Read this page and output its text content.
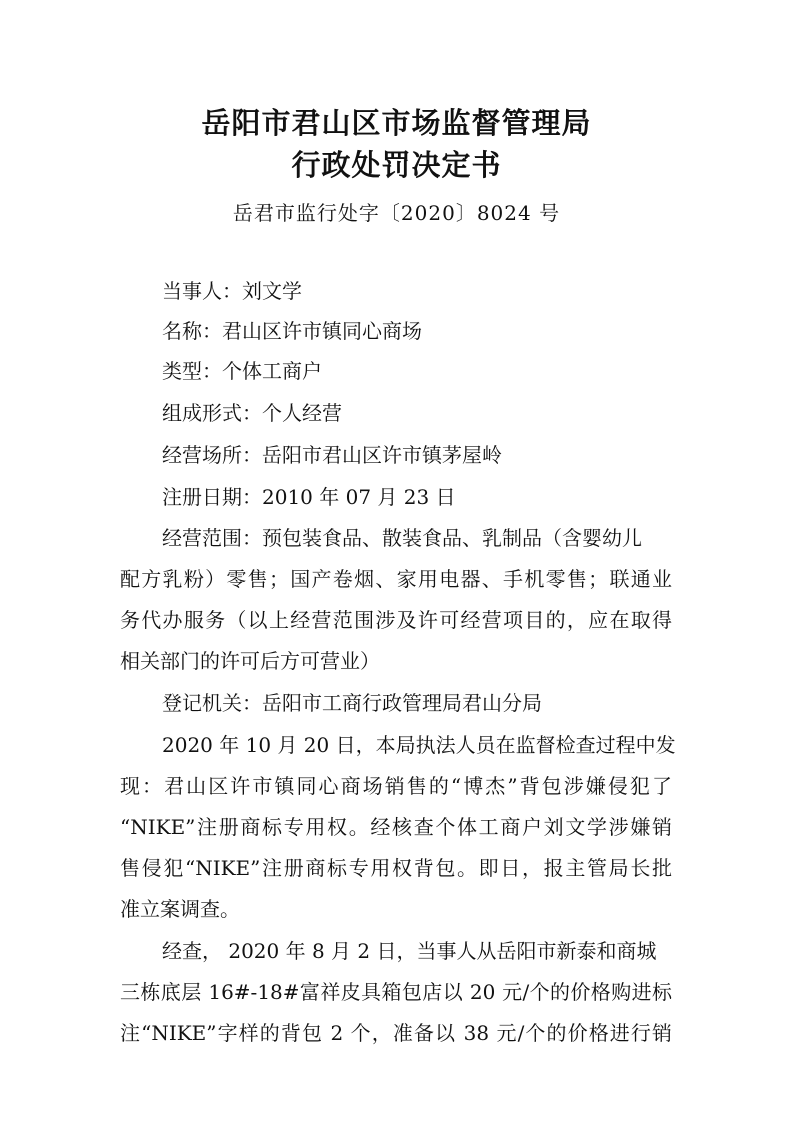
岳阳市君山区市场监督管理局
行政处罚决定书
岳君市监行处字〔2020〕8024 号
当事人：刘文学
名称：君山区许市镇同心商场
类型：个体工商户
组成形式：个人经营
经营场所：岳阳市君山区许市镇茅屋岭
注册日期：2010 年 07 月 23 日
经营范围：预包装食品、散装食品、乳制品（含婴幼儿
配方乳粉）零售；国产卷烟、家用电器、手机零售；联通业
务代办服务（以上经营范围涉及许可经营项目的，应在取得
相关部门的许可后方可营业）
登记机关：岳阳市工商行政管理局君山分局
2020 年 10 月 20 日，本局执法人员在监督检查过程中发
现：君山区许市镇同心商场销售的“博杰”背包涉嫌侵犯了
“NIKE”注册商标专用权。经核查个体工商户刘文学涉嫌销
售侵犯“NIKE”注册商标专用权背包。即日，报主管局长批
准立案调查。
经查， 2020 年 8 月 2 日，当事人从岳阳市新泰和商城
三栋底层 16#-18#富祥皮具箱包店以 20 元/个的价格购进标
注“NIKE”字样的背包 2 个，准备以 38 元/个的价格进行销
